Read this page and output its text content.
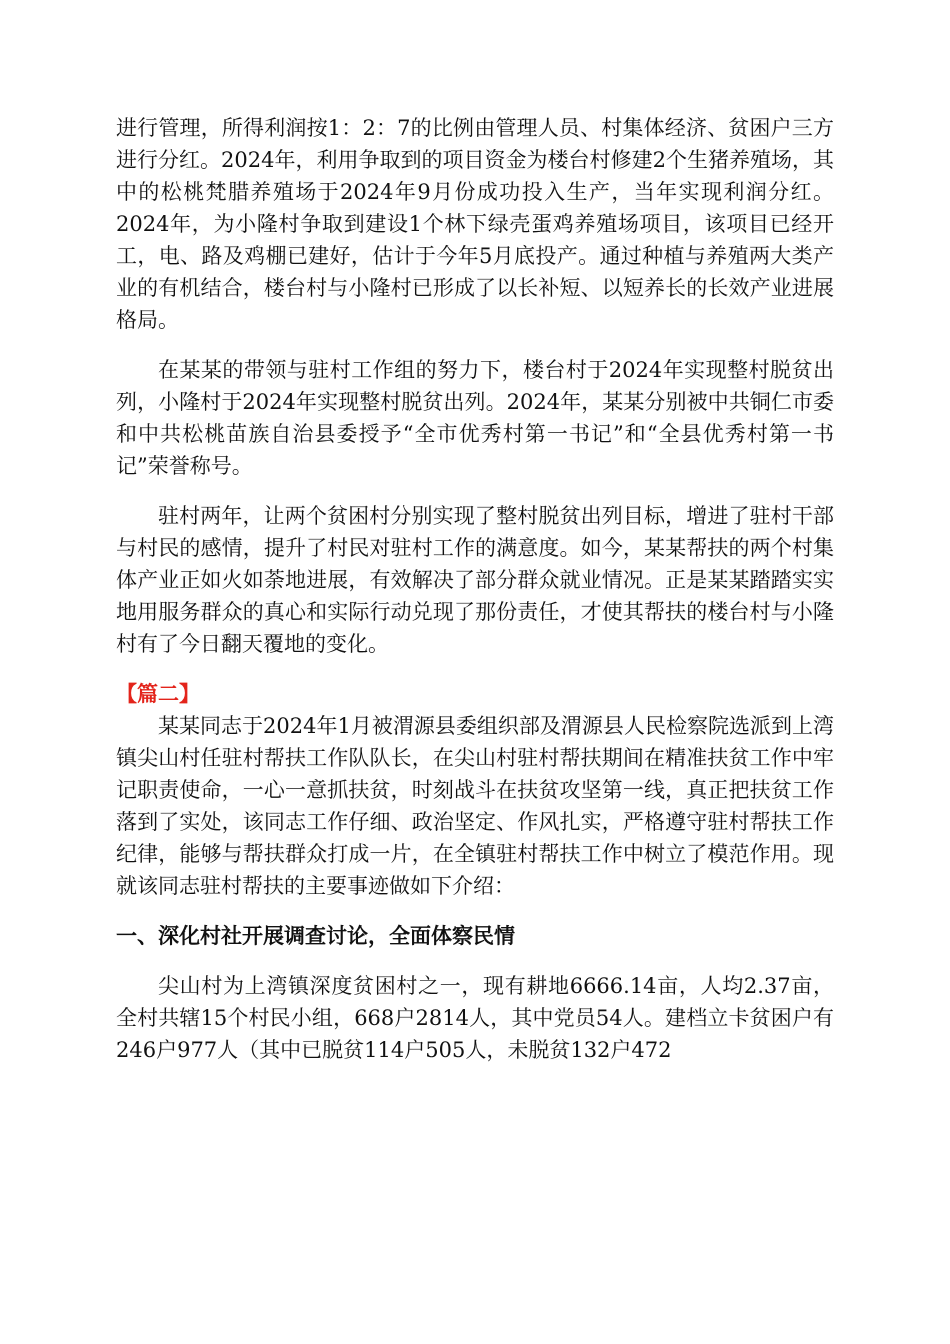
进行管理，所得利润按1：2：7的比例由管理人员、村集体经济、贫困户三方进行分红。2024年，利用争取到的项目资金为楼台村修建2个生猪养殖场，其中的松桃梵腊养殖场于2024年9月份成功投入生产，当年实现利润分红。2024年，为小隆村争取到建设1个林下绿壳蛋鸡养殖场项目，该项目已经开工，电、路及鸡棚已建好，估计于今年5月底投产。通过种植与养殖两大类产业的有机结合，楼台村与小隆村已形成了以长补短、以短养长的长效产业进展格局。

在某某的带领与驻村工作组的努力下，楼台村于2024年实现整村脱贫出列，小隆村于2024年实现整村脱贫出列。2024年，某某分别被中共铜仁市委和中共松桃苗族自治县委授予“全市优秀村第一书记”和“全县优秀村第一书记”荣誉称号。

驻村两年，让两个贫困村分别实现了整村脱贫出列目标，增进了驻村干部与村民的感情，提升了村民对驻村工作的满意度。如今，某某帮扶的两个村集体产业正如火如荼地进展，有效解决了部分群众就业情况。正是某某踏踏实实地用服务群众的真心和实际行动兑现了那份责任，才使其帮扶的楼台村与小隆村有了今日翻天覆地的变化。

【篇二】

某某同志于2024年1月被渭源县委组织部及渭源县人民检察院选派到上湾镇尖山村任驻村帮扶工作队队长，在尖山村驻村帮扶期间在精准扶贫工作中牢记职责使命，一心一意抓扶贫，时刻战斗在扶贫攻坚第一线，真正把扶贫工作落到了实处，该同志工作仔细、政治坚定、作风扎实，严格遵守驻村帮扶工作纪律，能够与帮扶群众打成一片，在全镇驻村帮扶工作中树立了模范作用。现就该同志驻村帮扶的主要事迹做如下介绍：

一、深化村社开展调查讨论，全面体察民情

尖山村为上湾镇深度贫困村之一，现有耕地6666.14亩，人均2.37亩，全村共辖15个村民小组，668户2814人，其中党员54人。建档立卡贫困户有246户977人（其中已脱贫114户505人，未脱贫132户472
